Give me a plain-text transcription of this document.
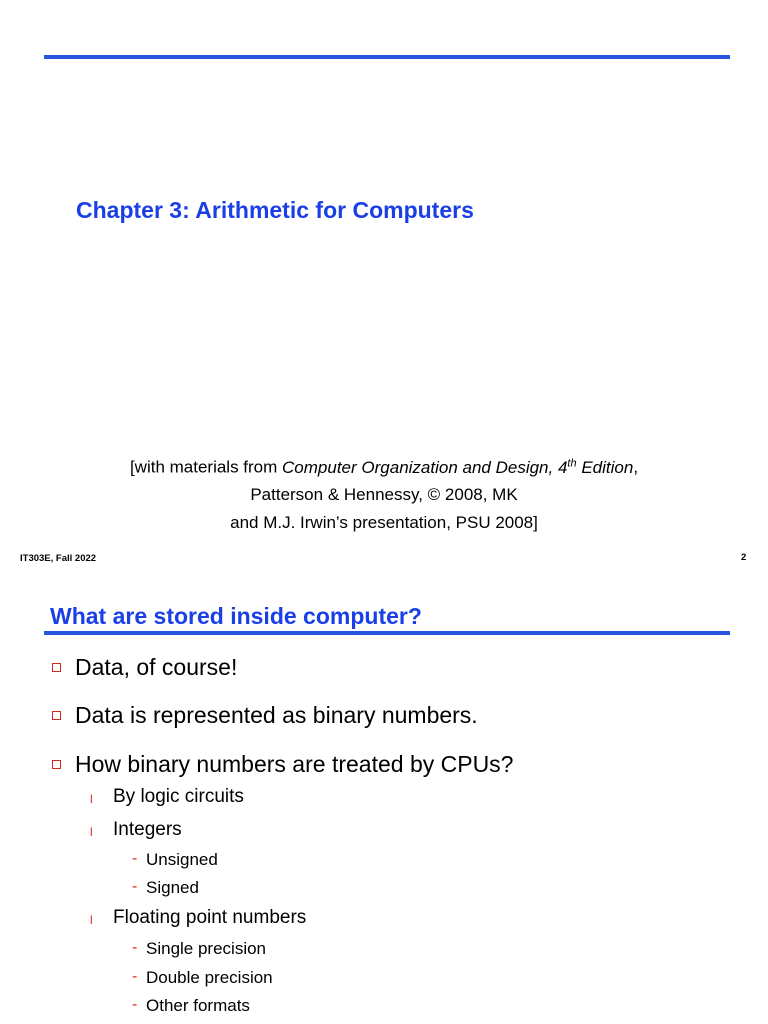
Chapter 3: Arithmetic for Computers
[with materials from Computer Organization and Design, 4th Edition,
Patterson & Hennessy, © 2008, MK
and M.J. Irwin’s presentation, PSU 2008]
IT303E, Fall 2022	2
What are stored inside computer?
Data, of course!
Data is represented as binary numbers.
How binary numbers are treated by CPUs?
l By logic circuits
l Integers
- Unsigned
- Signed
l Floating point numbers
- Single precision
- Double precision
- Other formats
